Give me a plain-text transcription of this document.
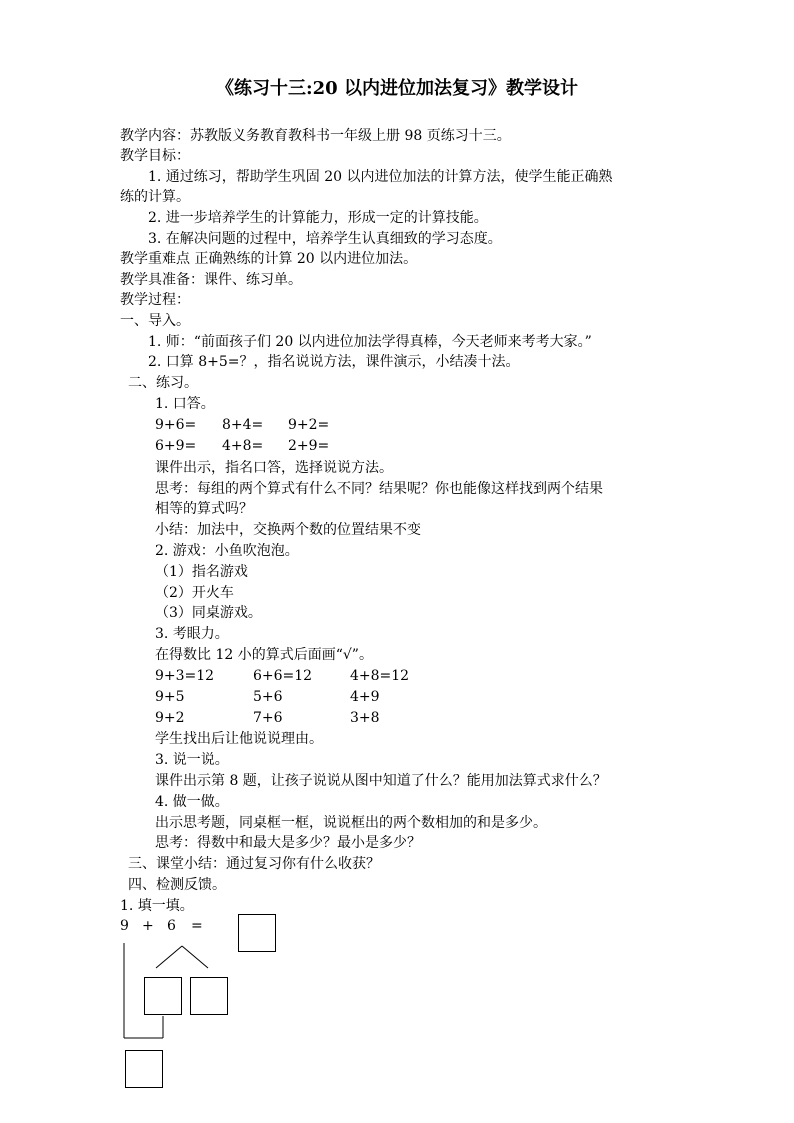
《练习十三:20 以内进位加法复习》教学设计

教学内容：苏教版义务教育教科书一年级上册 98 页练习十三。

教学目标：

1. 通过练习，帮助学生巩固 20 以内进位加法的计算方法，使学生能正确熟

练的计算。

2. 进一步培养学生的计算能力，形成一定的计算技能。

3. 在解决问题的过程中，培养学生认真细致的学习态度。

教学重难点 正确熟练的计算 20 以内进位加法。

教学具准备：课件、练习单。

教学过程：

一、导入。

1. 师：“前面孩子们 20 以内进位加法学得真棒，今天老师来考考大家。”

2. 口算 8+5=？，指名说说方法，课件演示，小结凑十法。

二、练习。

1. 口答。

9+6= 8+4= 9+2=
6+9= 4+8= 2+9=

课件出示，指名口答，选择说说方法。

思考：每组的两个算式有什么不同？结果呢？你也能像这样找到两个结果

相等的算式吗？

小结：加法中，交换两个数的位置结果不变

2. 游戏：小鱼吹泡泡。

（1）指名游戏

（2）开火车

（3）同桌游戏。

3. 考眼力。

在得数比 12 小的算式后面画“√”。

9+3=12	6+6=12	4+8=12
9+5	5+6	4+9
9+2	7+6	3+8

学生找出后让他说说理由。

3. 说一说。

课件出示第 8 题，让孩子说说从图中知道了什么？能用加法算式求什么？

4. 做一做。

出示思考题，同桌框一框，说说框出的两个数相加的和是多少。

思考：得数中和最大是多少？最小是多少？

三、课堂小结：通过复习你有什么收获？

四、检测反馈。

1. 填一填。

9 + 6 =
